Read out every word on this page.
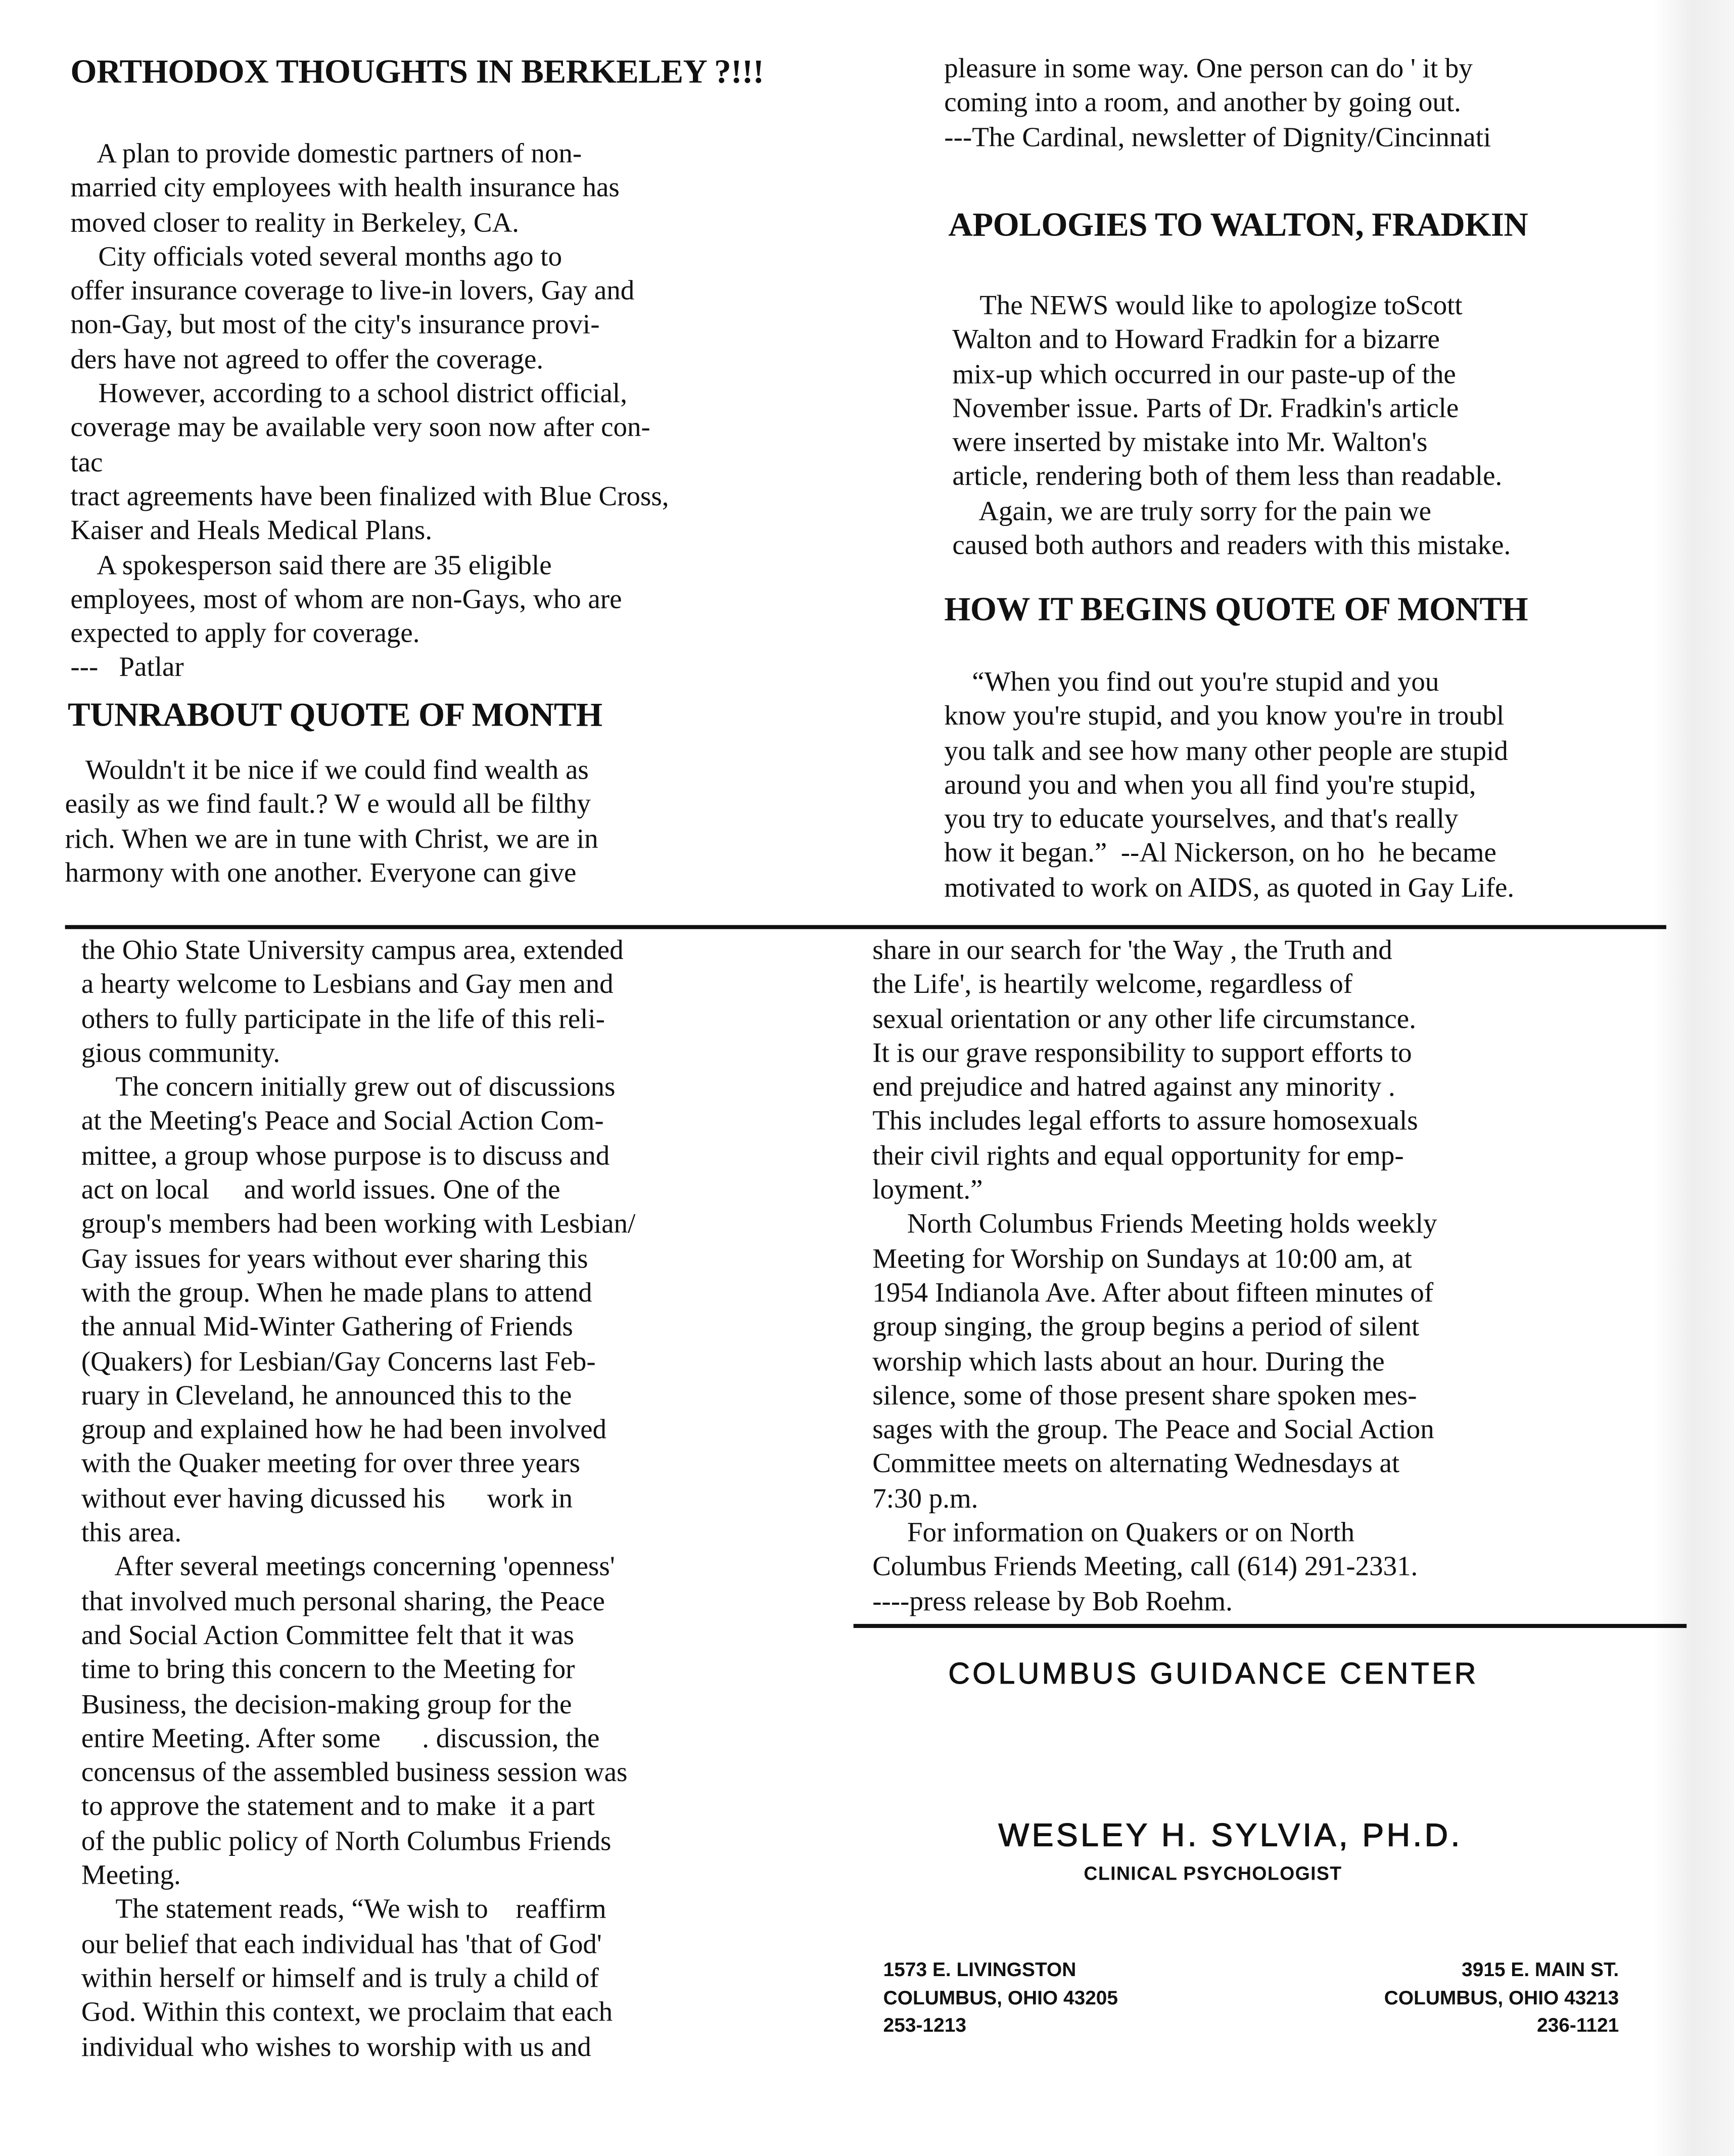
ORTHODOX THOUGHTS IN BERKELEY ?!!!
A plan to provide domestic partners of non-
married city employees with health insurance has
moved closer to reality in Berkeley, CA.
City officials voted several months ago to
offer insurance coverage to live-in lovers, Gay and
non-Gay, but most of the city's insurance provi-
ders have not agreed to offer the coverage.
However, according to a school district official,
coverage may be available very soon now after con-
tac
tract agreements have been finalized with Blue Cross,
Kaiser and Heals Medical Plans.
A spokesperson said there are 35 eligible
employees, most of whom are non-Gays, who are
expected to apply for coverage.
---   Patlar
TUNRABOUT QUOTE OF MONTH
Wouldn't it be nice if we could find wealth as
easily as we find fault.? W e would all be filthy
rich. When we are in tune with Christ, we are in
harmony with one another. Everyone can give
pleasure in some way. One person can do ' it by
coming into a room, and another by going out.
---The Cardinal, newsletter of Dignity/Cincinnati
APOLOGIES TO WALTON, FRADKIN
The NEWS would like to apologize toScott
Walton and to Howard Fradkin for a bizarre
mix-up which occurred in our paste-up of the
November issue. Parts of Dr. Fradkin's article
were inserted by mistake into Mr. Walton's
article, rendering both of them less than readable.
Again, we are truly sorry for the pain we
caused both authors and readers with this mistake.
HOW IT BEGINS QUOTE OF MONTH
“When you find out you're stupid and you
know you're stupid, and you know you're in troubl
you talk and see how many other people are stupid
around you and when you all find you're stupid,
you try to educate yourselves, and that's really
how it began.”  --Al Nickerson, on ho  he became
motivated to work on AIDS, as quoted in Gay Life.
the Ohio State University campus area, extended
a hearty welcome to Lesbians and Gay men and
others to fully participate in the life of this reli-
gious community.
The concern initially grew out of discussions
at the Meeting's Peace and Social Action Com-
mittee, a group whose purpose is to discuss and
act on local     and world issues. One of the
group's members had been working with Lesbian/
Gay issues for years without ever sharing this
with the group. When he made plans to attend
the annual Mid-Winter Gathering of Friends
(Quakers) for Lesbian/Gay Concerns last Feb-
ruary in Cleveland, he announced this to the
group and explained how he had been involved
with the Quaker meeting for over three years
without ever having dicussed his      work in
this area.
After several meetings concerning 'openness'
that involved much personal sharing, the Peace
and Social Action Committee felt that it was
time to bring this concern to the Meeting for
Business, the decision-making group for the
entire Meeting. After some      . discussion, the
concensus of the assembled business session was
to approve the statement and to make  it a part
of the public policy of North Columbus Friends
Meeting.
The statement reads, “We wish to    reaffirm
our belief that each individual has 'that of God'
within herself or himself and is truly a child of
God. Within this context, we proclaim that each
individual who wishes to worship with us and
share in our search for 'the Way , the Truth and
the Life', is heartily welcome, regardless of
sexual orientation or any other life circumstance.
It is our grave responsibility to support efforts to
end prejudice and hatred against any minority .
This includes legal efforts to assure homosexuals
their civil rights and equal opportunity for emp-
loyment.”
North Columbus Friends Meeting holds weekly
Meeting for Worship on Sundays at 10:00 am, at
1954 Indianola Ave. After about fifteen minutes of
group singing, the group begins a period of silent
worship which lasts about an hour. During the
silence, some of those present share spoken mes-
sages with the group. The Peace and Social Action
Committee meets on alternating Wednesdays at
7:30 p.m.
For information on Quakers or on North
Columbus Friends Meeting, call (614) 291-2331.
----press release by Bob Roehm.
COLUMBUS GUIDANCE CENTER
WESLEY H. SYLVIA, PH.D.
CLINICAL PSYCHOLOGIST
1573 E. LIVINGSTON
COLUMBUS, OHIO 43205
253-1213
3915 E. MAIN ST.
COLUMBUS, OHIO 43213
236-1121
